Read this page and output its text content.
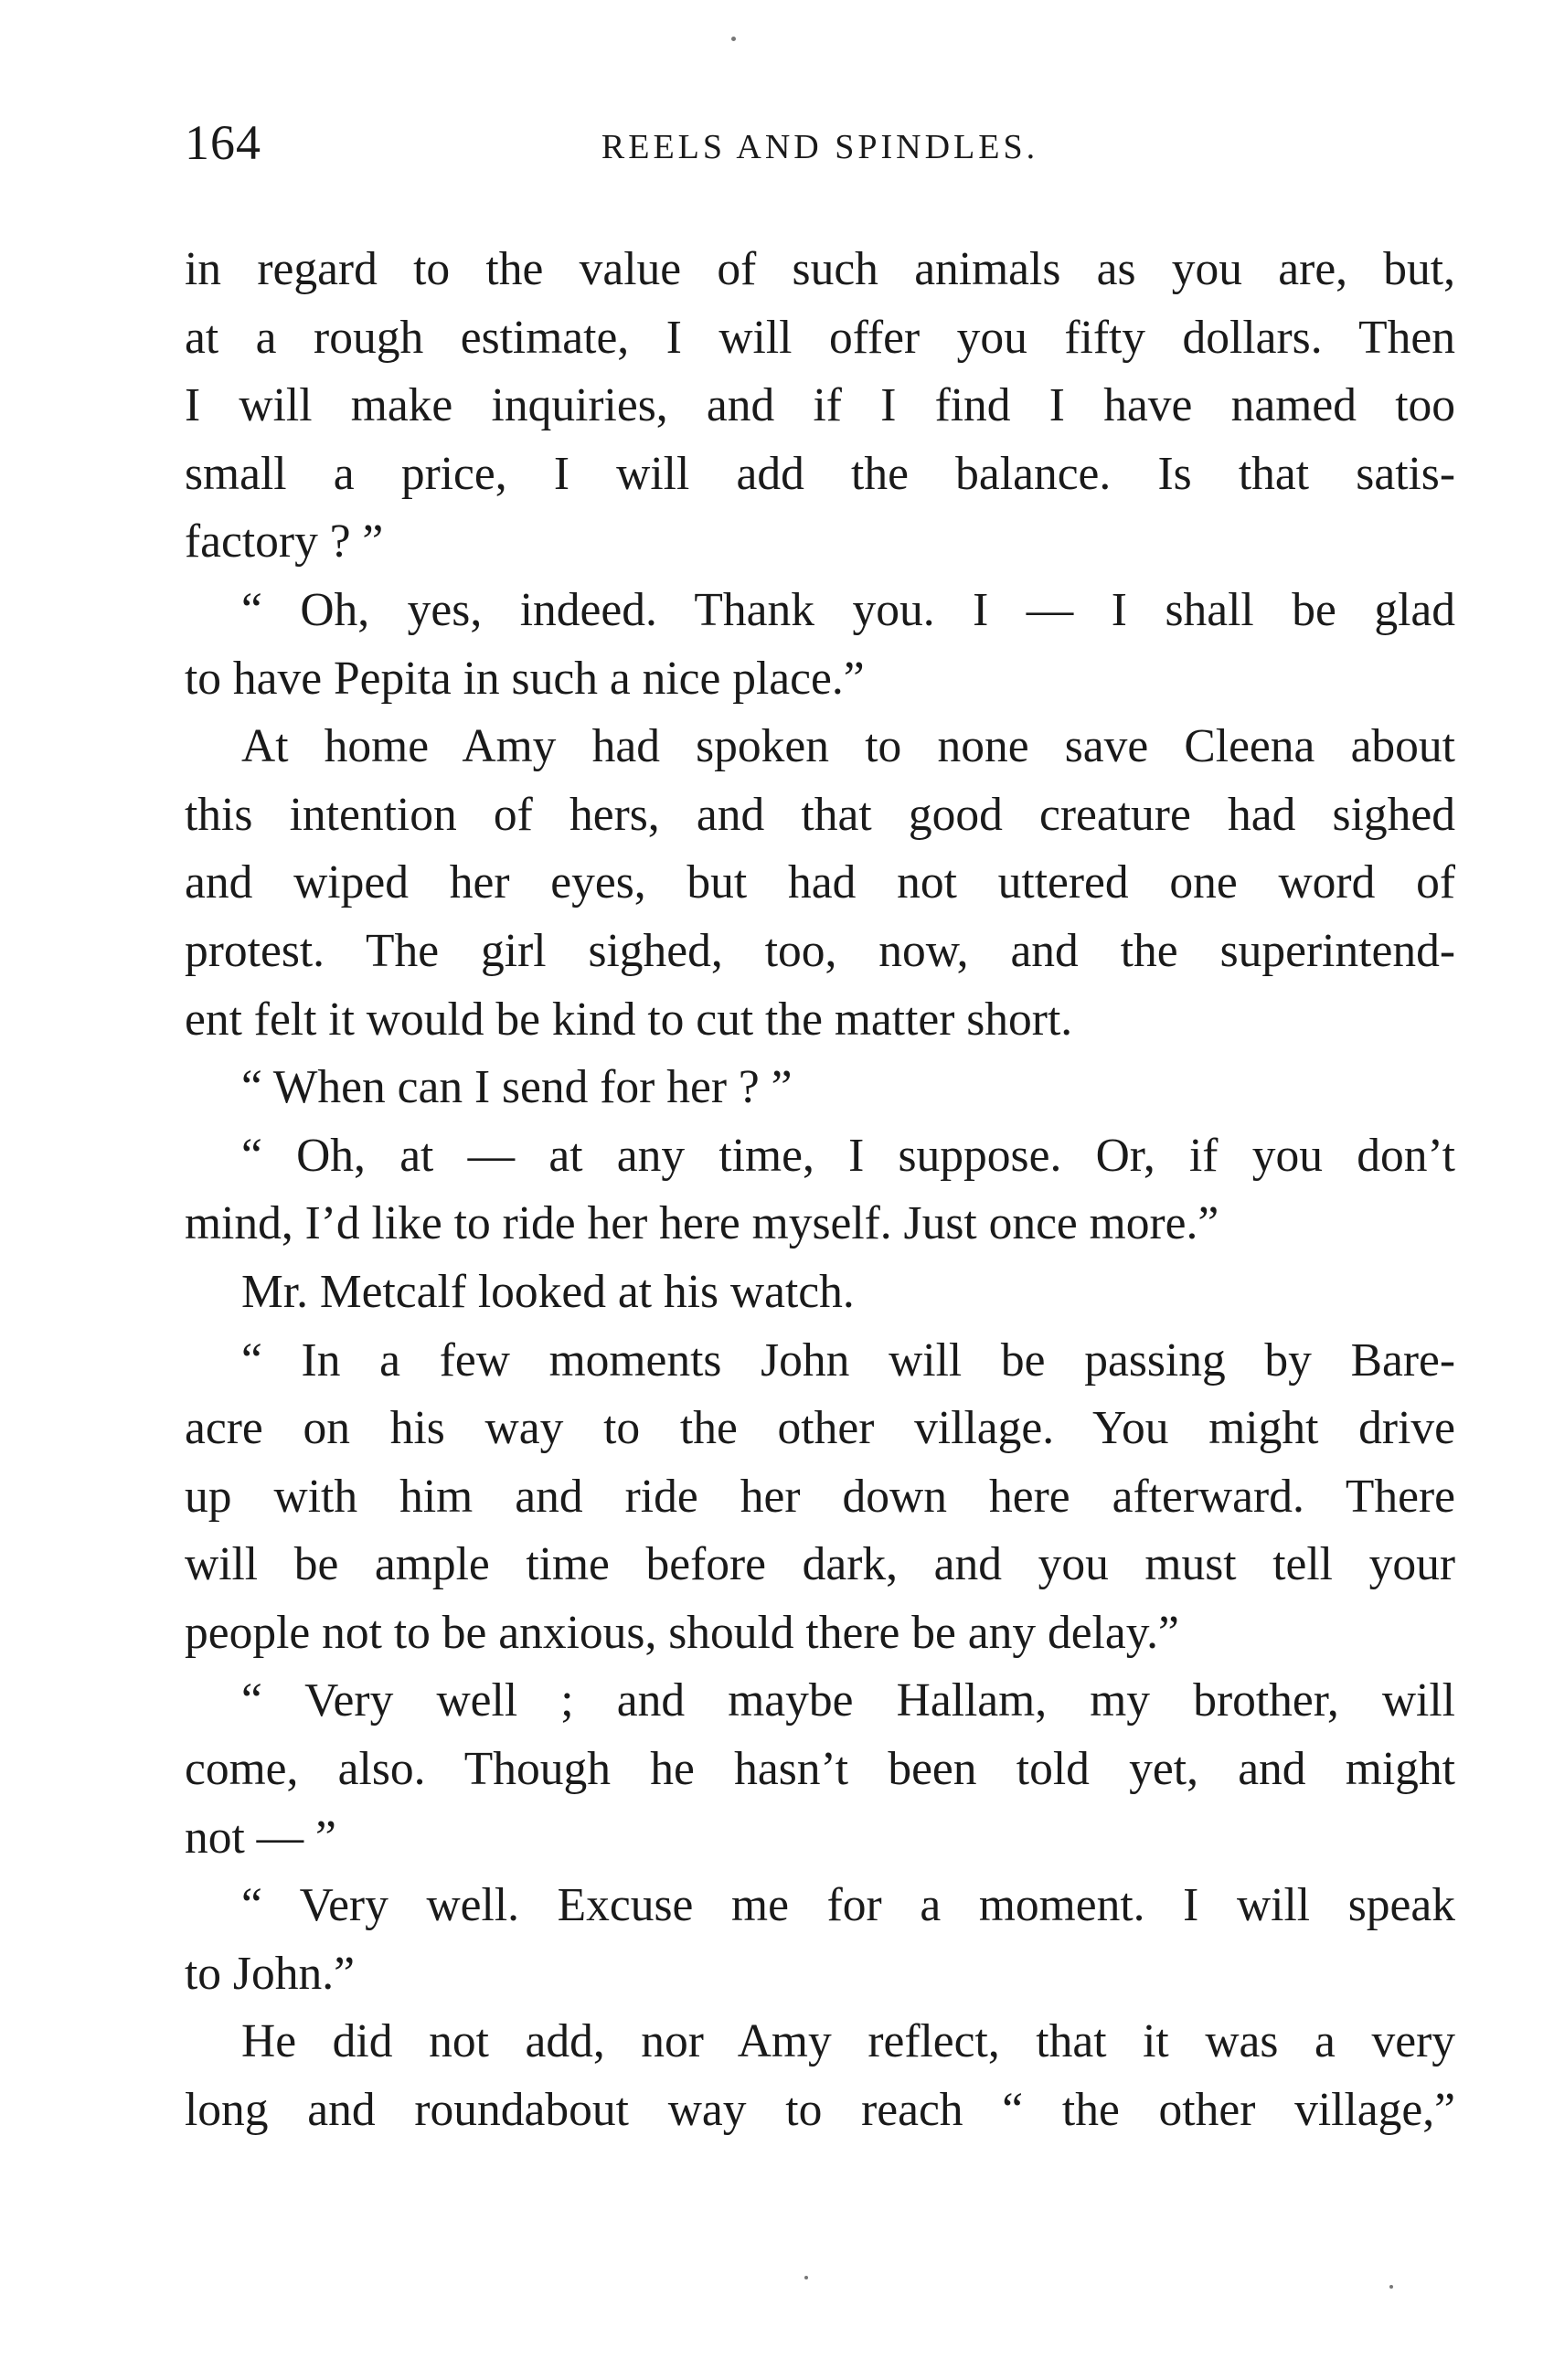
164	REELS AND SPINDLES.
in regard to the value of such animals as you are, but,
at a rough estimate, I will offer you fifty dollars. Then
I will make inquiries, and if I find I have named too
small a price, I will add the balance. Is that satis-
factory ? ”
“ Oh, yes, indeed. Thank you. I — I shall be glad
to have Pepita in such a nice place.”
At home Amy had spoken to none save Cleena about
this intention of hers, and that good creature had sighed
and wiped her eyes, but had not uttered one word of
protest. The girl sighed, too, now, and the superintend-
ent felt it would be kind to cut the matter short.
“ When can I send for her ? ”
“ Oh, at — at any time, I suppose. Or, if you don’t
mind, I’d like to ride her here myself. Just once more.”
Mr. Metcalf looked at his watch.
“ In a few moments John will be passing by Bare-
acre on his way to the other village. You might drive
up with him and ride her down here afterward. There
will be ample time before dark, and you must tell your
people not to be anxious, should there be any delay.”
“ Very well ; and maybe Hallam, my brother, will
come, also. Though he hasn’t been told yet, and might
not — ”
“ Very well. Excuse me for a moment. I will speak
to John.”
He did not add, nor Amy reflect, that it was a very
long and roundabout way to reach “ the other village,”
